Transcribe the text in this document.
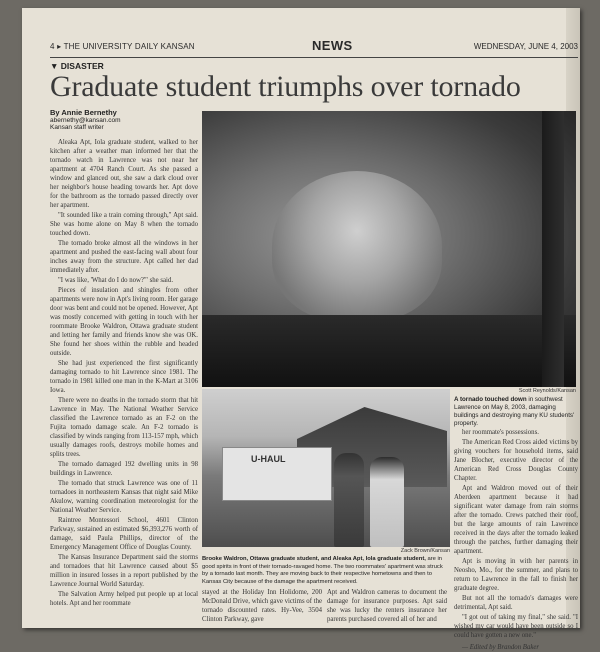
4 ▸ THE UNIVERSITY DAILY KANSAN	NEWS	WEDNESDAY, JUNE 4, 2003
▼ DISASTER
Graduate student triumphs over tornado
By Annie Bernethy
abernethy@kansan.com
Kansan staff writer

Aleaka Apt, Iola graduate student, walked to her kitchen after a weather man informed her that the tornado watch in Lawrence was not near her apartment at 4704 Ranch Court. As she passed a window and glanced out, she saw a dark cloud over her neighbor's house heading towards her. Apt dove for the bathroom as the tornado passed directly over her apartment.

"It sounded like a train coming through," Apt said. She was home alone on May 8 when the tornado touched down.

The tornado broke almost all the windows in her apartment and pushed the east-facing wall about four inches away from the structure. Apt called her dad immediately after.

"I was like, 'What do I do now?'" she said.

Pieces of insulation and shingles from other apartments were now in Apt's living room. Her garage door was bent and could not be opened. However, Apt was mostly concerned with getting in touch with her roommate Brooke Waldron, Ottawa graduate student and letting her family and friends know she was OK. She found her shoes within the rubble and headed outside.

She had just experienced the first significantly damaging tornado to hit Lawrence since 1981. The tornado in 1981 killed one man in the K-Mart at 3106 Iowa.

There were no deaths in the tornado storm that hit Lawrence in May. The National Weather Service classified the Lawrence tornado as an F-2 on the Fujita tornado damage scale. An F-2 tornado is classified by winds ranging from 113-157 mph, which usually damages roofs, destroys mobile homes and splits trees.

The tornado damaged 192 dwelling units in 98 buildings in Lawrence.

The tornado that struck Lawrence was one of 11 tornadoes in northeastern Kansas that night said Mike Akulow, warning coordination meteorologist for the National Weather Service.

Raintree Montessori School, 4601 Clinton Parkway, sustained an estimated $6,393,276 worth of damage, said Paula Phillips, director of the Emergency Management Office of Douglas County.

The Kansas Insurance Department said the storms and tornadoes that hit Lawrence caused about $5 million in insured losses in a report published by the Lawrence Journal World Saturday.

The Salvation Army helped put people up at local hotels. Apt and her roommate

Scott Reynolds/Kansan
A tornado touched down in southwest Lawrence on May 8, 2003, damaging buildings and destroying many KU students' property.
U-HAUL
Zack Brown/Kansan
Brooke Waldron, Ottawa graduate student, and Aleaka Apt, Iola graduate student, are in good spirits in front of their tornado-ravaged home. The two roommates' apartment was struck by a tornado last month. They are moving back to their respective hometowns and then to Kansas City because of the damage the apartment received.
stayed at the Holiday Inn Holidome, 200 McDonald Drive, which gave victims of the tornado discounted rates. Hy-Vee, 3504 Clinton Parkway, gave
Apt and Waldron cameras to document the damage for insurance purposes. Apt said she was lucky the renters insurance her parents purchased covered all of her and

her roommate's possessions.

The American Red Cross aided victims by giving vouchers for household items, said Jane Blocher, executive director of the American Red Cross Douglas County Chapter.

Apt and Waldron moved out of their Aberdeen apartment because it had significant water damage from rain storms after the tornado. Crews patched their roof, but the large amounts of rain Lawrence received in the days after the tornado leaked through the patches, further damaging their apartment.

Apt is moving in with her parents in Neosho, Mo., for the summer, and plans to return to Lawrence in the fall to finish her graduate degree.

But not all the tornado's damages were detrimental, Apt said.

"I got out of taking my final," she said. "I wished my car would have been outside so I could have gotten a new one."

— Edited by Brandon Baker
